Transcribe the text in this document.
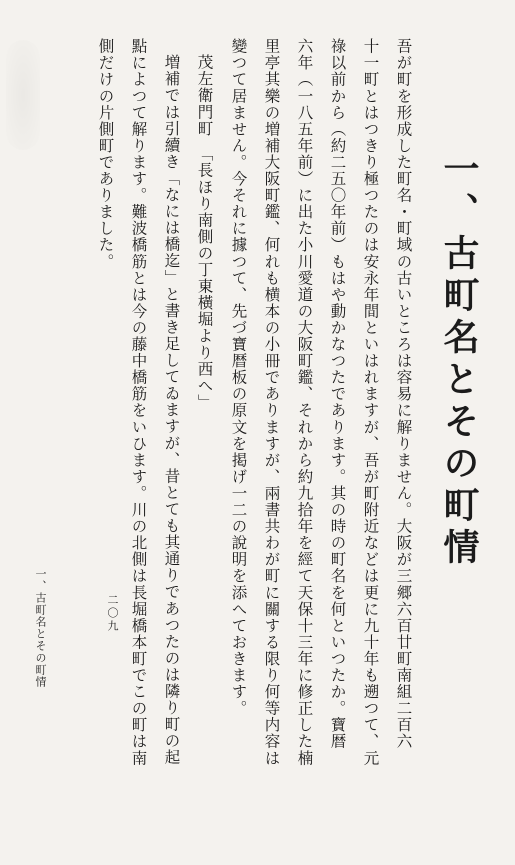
一、古町名とその町情
吾が町を形成した町名・町域の古いところは容易に解りません。大阪が三郷六百廿町南組二百六
十一町とはつきり極つたのは安永年間といはれますが、吾が町附近などは更に九十年も遡つて、元
祿以前から（約二五〇年前）もはや動かなつたであります。其の時の町名を何といつたか。寶暦
六年（一八五年前）に出た小川愛道の大阪町鑑、それから約九拾年を經て天保十三年に修正した楠
里亭其樂の増補大阪町鑑、何れも横本の小冊でありますが、兩書共わが町に關する限り何等内容は
變つて居ません。今それに據つて、先づ寶暦板の原文を掲げ一二の說明を添へておきます。
茂左衛門町　「長ほり南側の丁東橫堀より西へ」
増補では引續き「なには橋迄」と書き足してゐますが、昔とても其通りであつたのは隣り町の起
點によつて解ります。難波橋筋とは今の藤中橋筋をいひます。川の北側は長堀橋本町でこの町は南
側だけの片側町でありました。
一、古町名とその町情	二〇九
